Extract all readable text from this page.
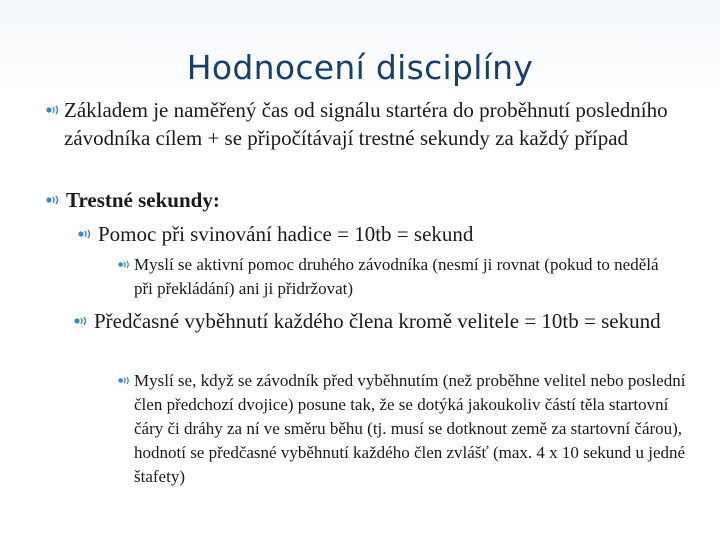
Hodnocení disciplíny
Základem je naměřený čas od signálu startéra do proběhnutí posledního závodníka cílem + se připočítávají trestné sekundy za každý případ
Trestné sekundy:
Pomoc při svinování hadice = 10tb = sekund
Myslí se aktivní pomoc druhého závodníka (nesmí ji rovnat (pokud to nedělá při překládání) ani ji přidržovat)
Předčasné vyběhnutí každého člena kromě velitele = 10tb = sekund
Myslí se, když se závodník před vyběhnutím (než proběhne velitel nebo poslední člen předchozí dvojice) posune tak, že se dotýká jakoukoliv částí těla startovní čáry či dráhy za ní ve směru běhu (tj. musí se dotknout země za startovní čárou), hodnotí se předčasné vyběhnutí každého člen zvlášť (max. 4 x 10 sekund u jedné štafety)
